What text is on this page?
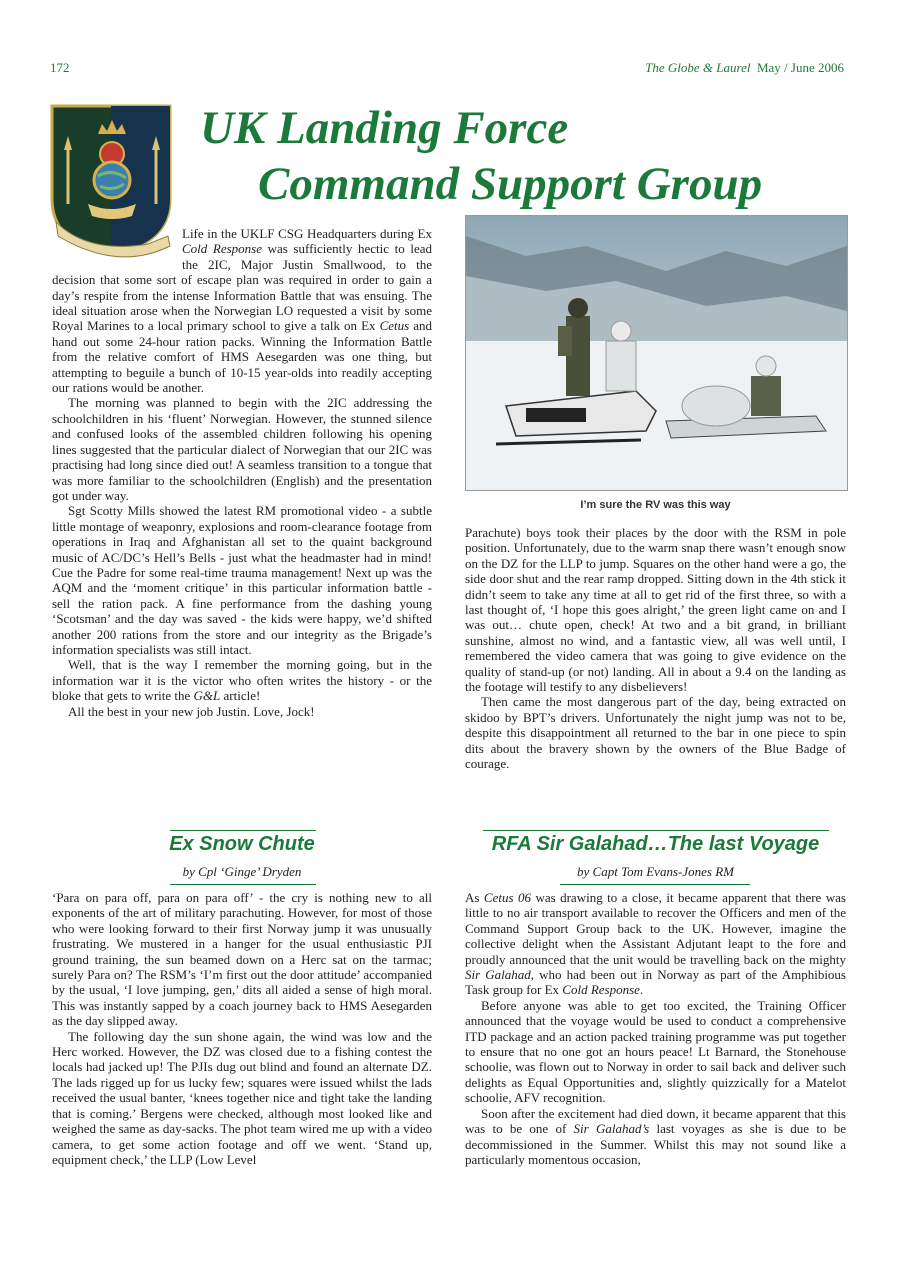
172	The Globe & Laurel May / June 2006
UK Landing Force
Command Support Group

Life in the UKLF CSG Headquarters during Ex Cold Response was sufficiently hectic to lead the 2IC, Major Justin Smallwood, to the decision that some sort of escape plan was required in order to gain a day’s respite from the intense Information Battle that was ensuing. The ideal situation arose when the Norwegian LO requested a visit by some Royal Marines to a local primary school to give a talk on Ex Cetus and hand out some 24-hour ration packs. Winning the Information Battle from the relative comfort of HMS Aesegarden was one thing, but attempting to beguile a bunch of 10-15 year-olds into readily accepting our rations would be another.

The morning was planned to begin with the 2IC addressing the schoolchildren in his ‘fluent’ Norwegian. However, the stunned silence and confused looks of the assembled children following his opening lines suggested that the particular dialect of Norwegian that our 2IC was practising had long since died out! A seamless transition to a tongue that was more familiar to the schoolchildren (English) and the presentation got under way.

Sgt Scotty Mills showed the latest RM promotional video - a subtle little montage of weaponry, explosions and room-clearance footage from operations in Iraq and Afghanistan all set to the quaint background music of AC/DC’s Hell’s Bells - just what the headmaster had in mind! Cue the Padre for some real-time trauma management! Next up was the AQM and the ‘moment critique’ in this particular information battle - sell the ration pack. A fine performance from the dashing young ‘Scotsman’ and the day was saved - the kids were happy, we’d shifted another 200 rations from the store and our integrity as the Brigade’s information specialists was still intact.

Well, that is the way I remember the morning going, but in the information war it is the victor who often writes the history - or the bloke that gets to write the G&L article!

All the best in your new job Justin. Love, Jock!

I’m sure the RV was this way

Parachute) boys took their places by the door with the RSM in pole position. Unfortunately, due to the warm snap there wasn’t enough snow on the DZ for the LLP to jump. Squares on the other hand were a go, the side door shut and the rear ramp dropped. Sitting down in the 4th stick it didn’t seem to take any time at all to get rid of the first three, so with a last thought of, ‘I hope this goes alright,’ the green light came on and I was out… chute open, check! At two and a bit grand, in brilliant sunshine, almost no wind, and a fantastic view, all was well until, I remembered the video camera that was going to give evidence on the quality of stand-up (or not) landing. All in about a 9.4 on the landing as the footage will testify to any disbelievers!

Then came the most dangerous part of the day, being extracted on skidoo by BPT’s drivers. Unfortunately the night jump was not to be, despite this disappointment all returned to the bar in one piece to spin dits about the bravery shown by the owners of the Blue Badge of courage.

Ex Snow Chute
by Cpl ‘Ginge’ Dryden

‘Para on para off, para on para off’ - the cry is nothing new to all exponents of the art of military parachuting. However, for most of those who were looking forward to their first Norway jump it was unusually frustrating. We mustered in a hanger for the usual enthusiastic PJI ground training, the sun beamed down on a Herc sat on the tarmac; surely Para on? The RSM’s ‘I’m first out the door attitude’ accompanied by the usual, ‘I love jumping, gen,’ dits all aided a sense of high moral. This was instantly sapped by a coach journey back to HMS Aesegarden as the day slipped away.

The following day the sun shone again, the wind was low and the Herc worked. However, the DZ was closed due to a fishing contest the locals had jacked up! The PJIs dug out blind and found an alternate DZ. The lads rigged up for us lucky few; squares were issued whilst the lads received the usual banter, ‘knees together nice and tight take the landing that is coming.’ Bergens were checked, although most looked like and weighed the same as day-sacks. The phot team wired me up with a video camera, to get some action footage and off we went. ‘Stand up, equipment check,’ the LLP (Low Level

RFA Sir Galahad…The last Voyage
by Capt Tom Evans-Jones RM

As Cetus 06 was drawing to a close, it became apparent that there was little to no air transport available to recover the Officers and men of the Command Support Group back to the UK. However, imagine the collective delight when the Assistant Adjutant leapt to the fore and proudly announced that the unit would be travelling back on the mighty Sir Galahad, who had been out in Norway as part of the Amphibious Task group for Ex Cold Response.

Before anyone was able to get too excited, the Training Officer announced that the voyage would be used to conduct a comprehensive ITD package and an action packed training programme was put together to ensure that no one got an hours peace! Lt Barnard, the Stonehouse schoolie, was flown out to Norway in order to sail back and deliver such delights as Equal Opportunities and, slightly quizzically for a Matelot schoolie, AFV recognition.

Soon after the excitement had died down, it became apparent that this was to be one of Sir Galahad’s last voyages as she is due to be decommissioned in the Summer. Whilst this may not sound like a particularly momentous occasion,
